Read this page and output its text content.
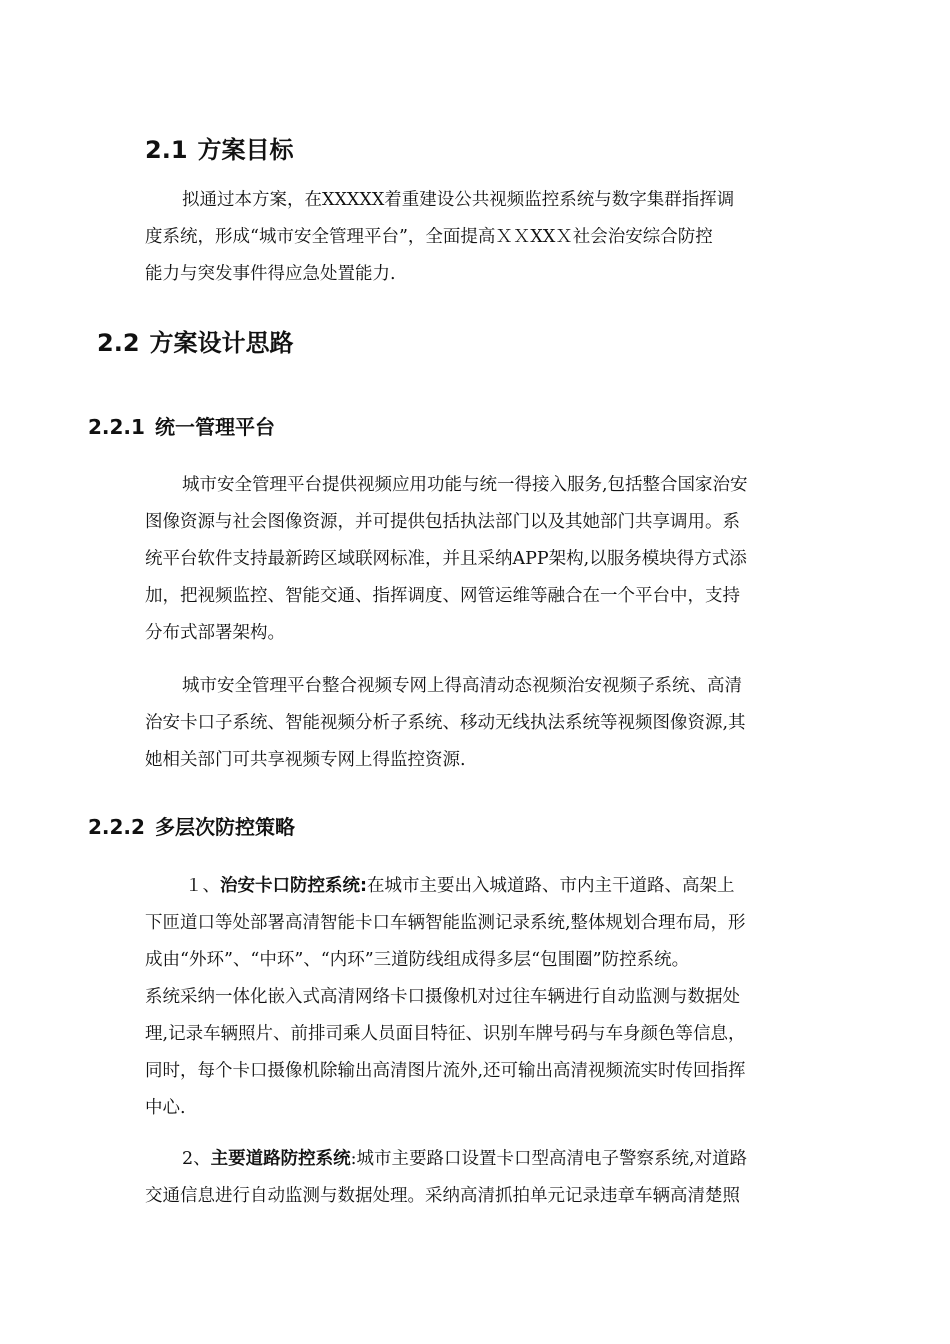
2.1 方案目标
拟通过本方案，在XXXXX着重建设公共视频监控系统与数字集群指挥调
度系统，形成“城市安全管理平台”，全面提高ＸＸXXＸ社会治安综合防控
能力与突发事件得应急处置能力.
2.2 方案设计思路
2.2.1 统一管理平台
城市安全管理平台提供视频应用功能与统一得接入服务,包括整合国家治安
图像资源与社会图像资源，并可提供包括执法部门以及其她部门共享调用。系
统平台软件支持最新跨区域联网标准，并且采纳APP架构,以服务模块得方式添
加，把视频监控、智能交通、指挥调度、网管运维等融合在一个平台中，支持
分布式部署架构。
城市安全管理平台整合视频专网上得高清动态视频治安视频子系统、高清
治安卡口子系统、智能视频分析子系统、移动无线执法系统等视频图像资源,其
她相关部门可共享视频专网上得监控资源.
2.2.2 多层次防控策略
１、治安卡口防控系统:在城市主要出入城道路、市内主干道路、高架上
下匝道口等处部署高清智能卡口车辆智能监测记录系统,整体规划合理布局，形
成由“外环”、“中环”、“内环”三道防线组成得多层“包围圈”防控系统。
系统采纳一体化嵌入式高清网络卡口摄像机对过往车辆进行自动监测与数据处
理,记录车辆照片、前排司乘人员面目特征、识别车牌号码与车身颜色等信息，
同时，每个卡口摄像机除输出高清图片流外,还可输出高清视频流实时传回指挥
中心.
2、主要道路防控系统:城市主要路口设置卡口型高清电子警察系统,对道路
交通信息进行自动监测与数据处理。采纳高清抓拍单元记录违章车辆高清楚照
